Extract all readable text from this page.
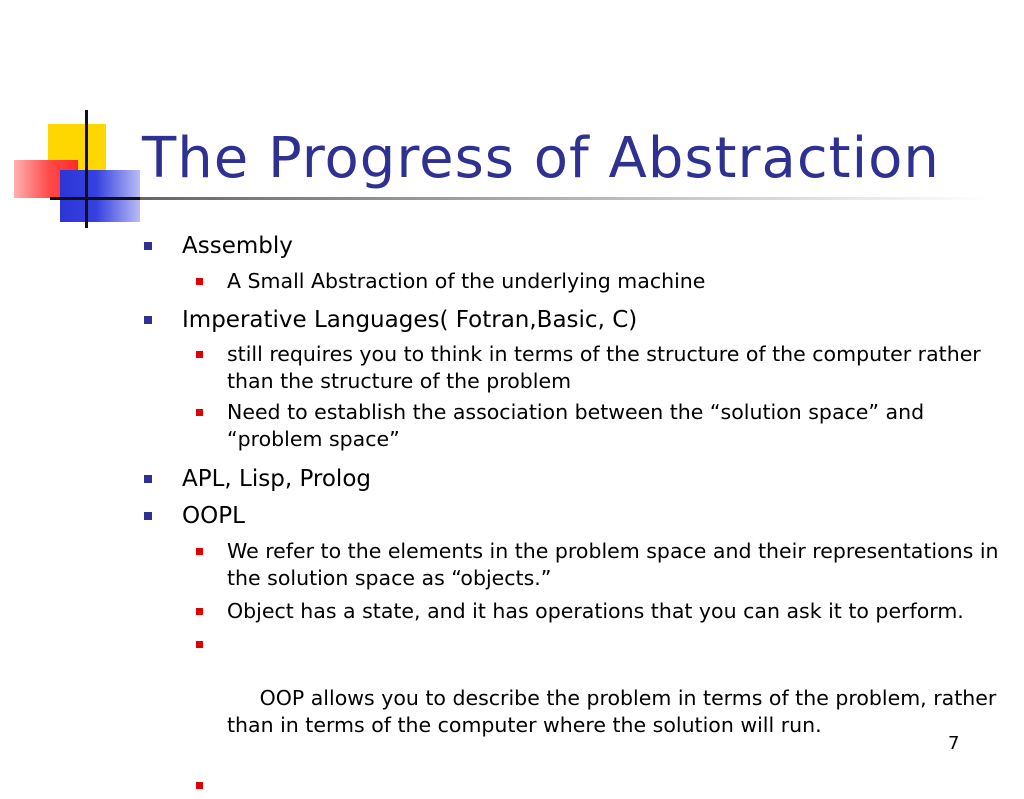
The Progress of Abstraction
Assembly
A Small Abstraction of the underlying machine
Imperative Languages( Fotran,Basic, C)
still requires you to think in terms of the structure of the computer rather than the structure of the problem
Need to establish the association between the “solution space” and “problem space”
APL, Lisp, Prolog
OOPL
We refer to the elements in the problem space and their representations in the solution space as “objects.”
Object has a state, and it has operations that you can ask it to perform.

OOP allows you to describe the problem in terms of the problem, rather than in terms of the computer where the solution will run.

7
